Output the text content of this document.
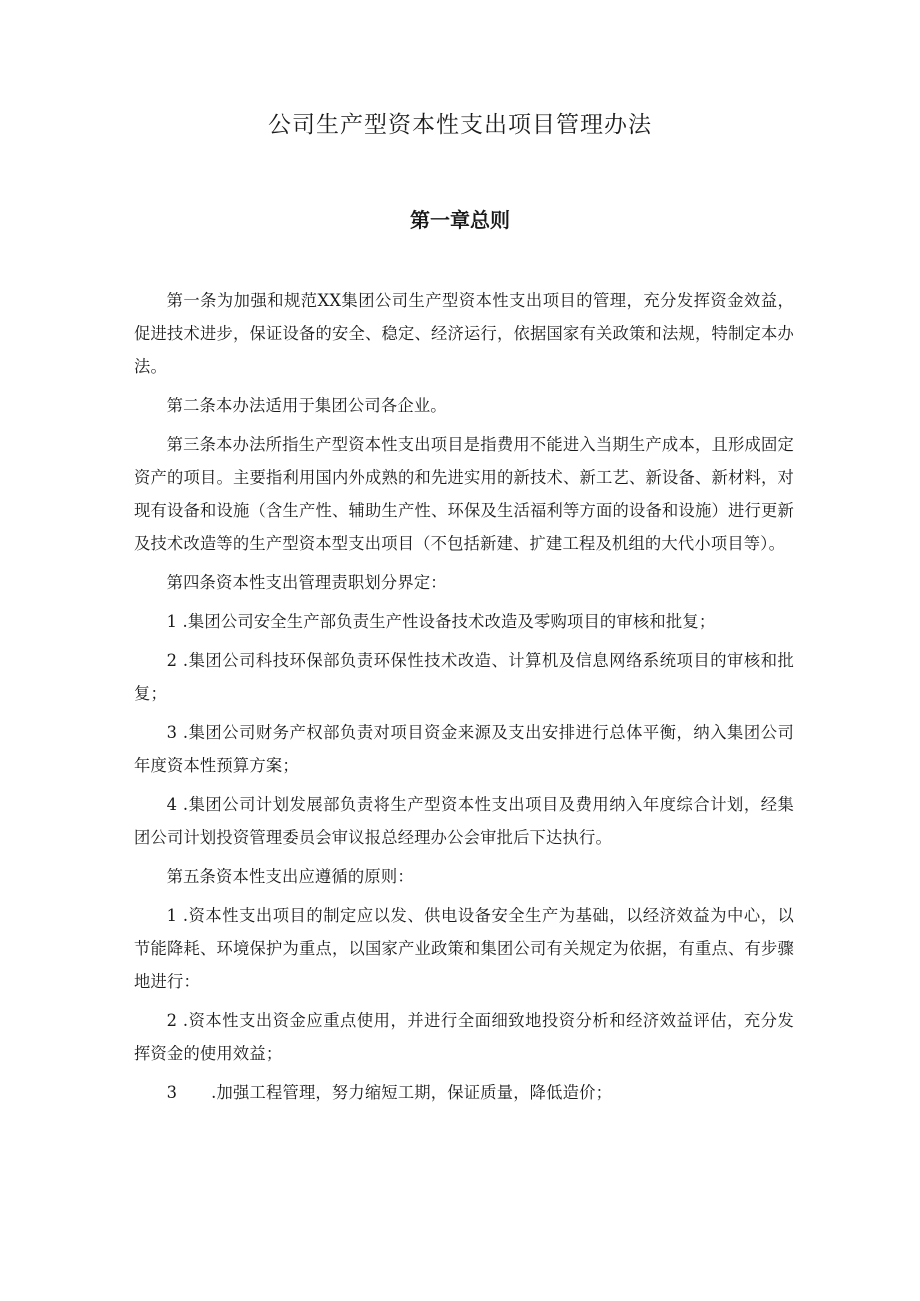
公司生产型资本性支出项目管理办法
第一章总则

第一条为加强和规范XX集团公司生产型资本性支出项目的管理，充分发挥资金效益，促进技术进步，保证设备的安全、稳定、经济运行，依据国家有关政策和法规，特制定本办法。

第二条本办法适用于集团公司各企业。

第三条本办法所指生产型资本性支出项目是指费用不能进入当期生产成本，且形成固定资产的项目。主要指利用国内外成熟的和先进实用的新技术、新工艺、新设备、新材料，对现有设备和设施（含生产性、辅助生产性、环保及生活福利等方面的设备和设施）进行更新及技术改造等的生产型资本型支出项目（不包括新建、扩建工程及机组的大代小项目等）。

第四条资本性支出管理责职划分界定：

1 .集团公司安全生产部负责生产性设备技术改造及零购项目的审核和批复；

2 .集团公司科技环保部负责环保性技术改造、计算机及信息网络系统项目的审核和批复；

3 .集团公司财务产权部负责对项目资金来源及支出安排进行总体平衡，纳入集团公司年度资本性预算方案；

4 .集团公司计划发展部负责将生产型资本性支出项目及费用纳入年度综合计划，经集团公司计划投资管理委员会审议报总经理办公会审批后下达执行。

第五条资本性支出应遵循的原则：

1 .资本性支出项目的制定应以发、供电设备安全生产为基础，以经济效益为中心，以节能降耗、环境保护为重点，以国家产业政策和集团公司有关规定为依据，有重点、有步骤地进行：

2 .资本性支出资金应重点使用，并进行全面细致地投资分析和经济效益评估，充分发挥资金的使用效益；

3 .加强工程管理，努力缩短工期，保证质量，降低造价；
